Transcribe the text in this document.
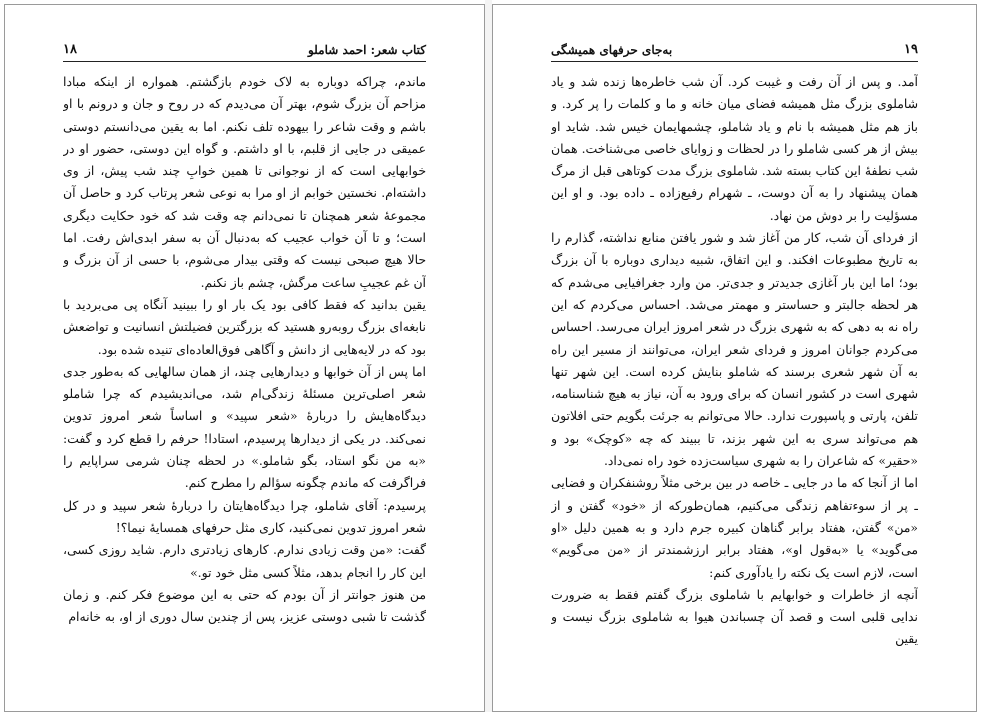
۱۸	کتاب شعر: احمد شاملو

ماندم، چراکه دوباره به لاک خودم بازگشتم. همواره از اینکه مبادا مزاحم آن بزرگ شوم، بهتر آن می‌دیدم که در روح و جان و درونم با او باشم و وقت شاعر را بیهوده تلف نکنم. اما به یقین می‌دانستم دوستی عمیقی در جایی از قلبم، با او داشتم. و گواه این دوستی، حضور او در خوابهایی است که از نوجوانی تا همین خوابِ چند شب پیش، از وی داشته‌ام. نخستین خوابم از او مرا به نوعی شعر پرتاب کرد و حاصل آن مجموعهٔ شعر همچنان تا نمی‌دانم چه وقت شد که خود حکایت دیگری است؛ و تا آن خواب عجیب که به‌دنبال آن به سفر ابدی‌اش رفت. اما حالا هیچ صبحی نیست که وقتی بیدار می‌شوم، با حسی از آن بزرگ و آن غم عجیبِ ساعت مرگش، چشم باز نکنم.

یقین بدانید که فقط کافی بود یک بار او را ببینید آنگاه پی می‌بردید با نابغه‌ای بزرگ روبه‌رو هستید که بزرگترین فضیلتش انسانیت و تواضعش بود که در لایه‌هایی از دانش و آگاهی فوق‌العاده‌ای تنیده شده بود.

اما پس از آن خوابها و دیدارهایی چند، از همان سالهایی که به‌طور جدی شعر اصلی‌ترین مسئلهٔ زندگی‌ام شد، می‌اندیشیدم که چرا شاملو دیدگاه‌هایش را دربارهٔ «شعر سپید» و اساساً شعر امروز تدوین نمی‌کند. در یکی از دیدارها پرسیدم، استادا! حرفم را قطع کرد و گفت: «به من نگو استاد، بگو شاملو.» در لحظه چنان شرمی سراپایم را فراگرفت که ماندم چگونه سؤالم را مطرح کنم.

پرسیدم: آقای شاملو، چرا دیدگاه‌هایتان را دربارهٔ شعر سپید و در کل شعر امروز تدوین نمی‌کنید، کاری مثل حرفهای همسایهٔ نیما؟!

گفت: «من وقت زیادی ندارم. کارهای زیادتری دارم. شاید روزی کسی، این کار را انجام بدهد، مثلاً کسی مثل خود تو.»

من هنوز جوانتر از آن بودم که حتی به این موضوع فکر کنم. و زمان گذشت تا شبی دوستی عزیز، پس از چندین سال دوری از او، به خانه‌ام

۱۹
به‌جای حرفهای همیشگی

آمد. و پس از آن رفت و غیبت کرد. آن شب خاطره‌ها زنده شد و یاد شاملوی بزرگ مثل همیشه فضای میان خانه و ما و کلمات را پر کرد. و باز هم مثل همیشه با نام و یاد شاملو، چشمهایمان خیس شد. شاید او بیش از هر کسی شاملو را در لحظات و زوایای خاصی می‌شناخت. همان شب نطفهٔ این کتاب بسته شد. شاملوی بزرگ مدت کوتاهی قبل از مرگ همان پیشنهاد را به آن دوست، ـ شهرام رفیع‌زاده ـ داده بود. و او این مسؤلیت را بر دوش من نهاد.

از فردای آن شب، کار من آغاز شد و شور یافتن منابع نداشته، گذارم را به تاریخ مطبوعات افکند. و این اتفاق، شبیه دیداری دوباره با آن بزرگ بود؛ اما این بار آغازی جدیدتر و جدی‌تر. من وارد جغرافیایی می‌شدم که هر لحظه جالبتر و حساستر و مهمتر می‌شد. احساس می‌کردم که این راه نه به دهی که به شهری بزرگ در شعر امروز ایران می‌رسد. احساس می‌کردم جوانان امروز و فردای شعر ایران، می‌توانند از مسیر این راه به آن شهر شعری برسند که شاملو بنایش کرده است. این شهر تنها شهری است در کشور انسان که برای ورود به آن، نیاز به هیچ شناسنامه، تلفن، پارتی و پاسپورت ندارد. حالا می‌توانم به جرئت بگویم حتی افلاتون هم می‌تواند سری به این شهر بزند، تا ببیند که چه «کوچک» بود و «حقیر» که شاعران را به شهری سیاست‌زده خود راه نمی‌داد.

اما از آنجا که ما در جایی ـ خاصه در بین برخی مثلاً روشنفکران و فضایی ـ پر از سوءتفاهم زندگی می‌کنیم، همان‌طورکه از «خود» گفتن و از «من» گفتن، هفتاد برابر گناهان کبیره جرم دارد و به همین دلیل «او می‌گوید» یا «به‌قول او»، هفتاد برابر ارزشمندتر از «من می‌گویم» است، لازم است یک نکته را یادآوری کنم:

آنچه از خاطرات و خوابهایم با شاملوی بزرگ گفتم فقط به ضرورت ندایی قلبی است و قصد آن چسباندن هیوا به شاملوی بزرگ نیست و یقین
